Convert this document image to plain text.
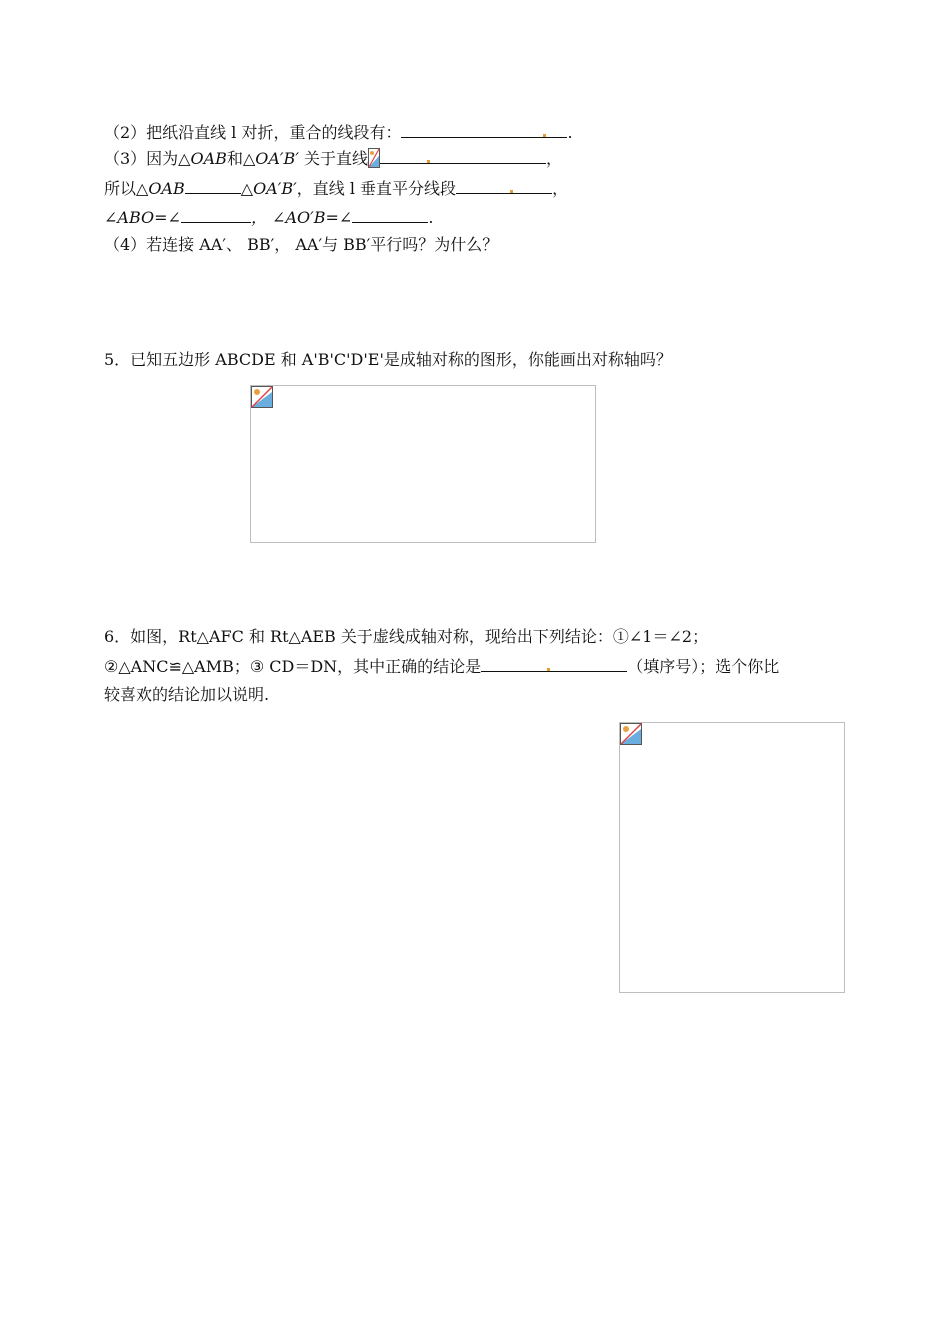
（2）把纸沿直线 l 对折，重合的线段有：	.
（3）因为△OAB和△OA′B′ 关于直线	，
所以△OAB	△OA′B′，直线 l 垂直平分线段	，
∠ABO=∠	， ∠AO′B=∠	.
（4）若连接 AA′、 BB′， AA′与 BB′平行吗？为什么？
5．已知五边形 ABCDE 和 A'B'C'D'E'是成轴对称的图形，你能画出对称轴吗？
6．如图，Rt△AFC 和 Rt△AEB 关于虚线成轴对称，现给出下列结论：①∠1＝∠2；
②△ANC≌△AMB；③ CD＝DN，其中正确的结论是	（填序号）；选个你比
较喜欢的结论加以说明.
